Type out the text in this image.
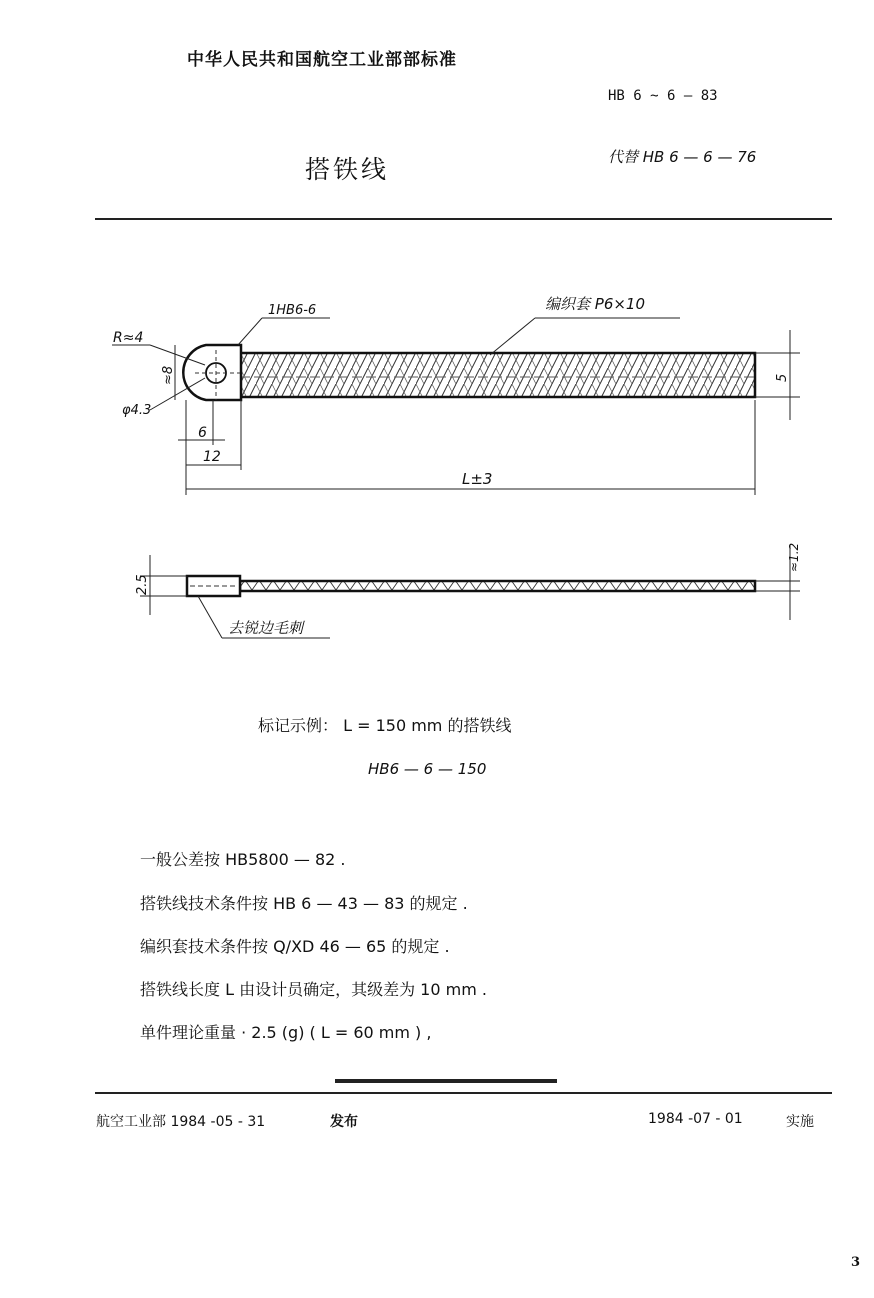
中华人民共和国航空工业部部标准
HB 6 ~ 6 — 83
搭铁线	代替 HB 6 — 6 — 76
1HB6-6	编织套 P6×10
R≈4
≈8
φ4.3
6
12
L±3
5
2.5
≈1.2
去锐边毛刺
标记示例： L = 150 mm 的搭铁线
HB6 — 6 — 150
一般公差按 HB5800 — 82 .
搭铁线技术条件按 HB 6 — 43 — 83 的规定 .
编织套技术条件按 Q/XD 46 — 65 的规定 .
搭铁线长度 L 由设计员确定，其级差为 10 mm .
单件理论重量 · 2.5 (g) ( L = 60 mm ) ,
航空工业部 1984 -05 - 31	发布	1984 -07 - 01	实施
3
